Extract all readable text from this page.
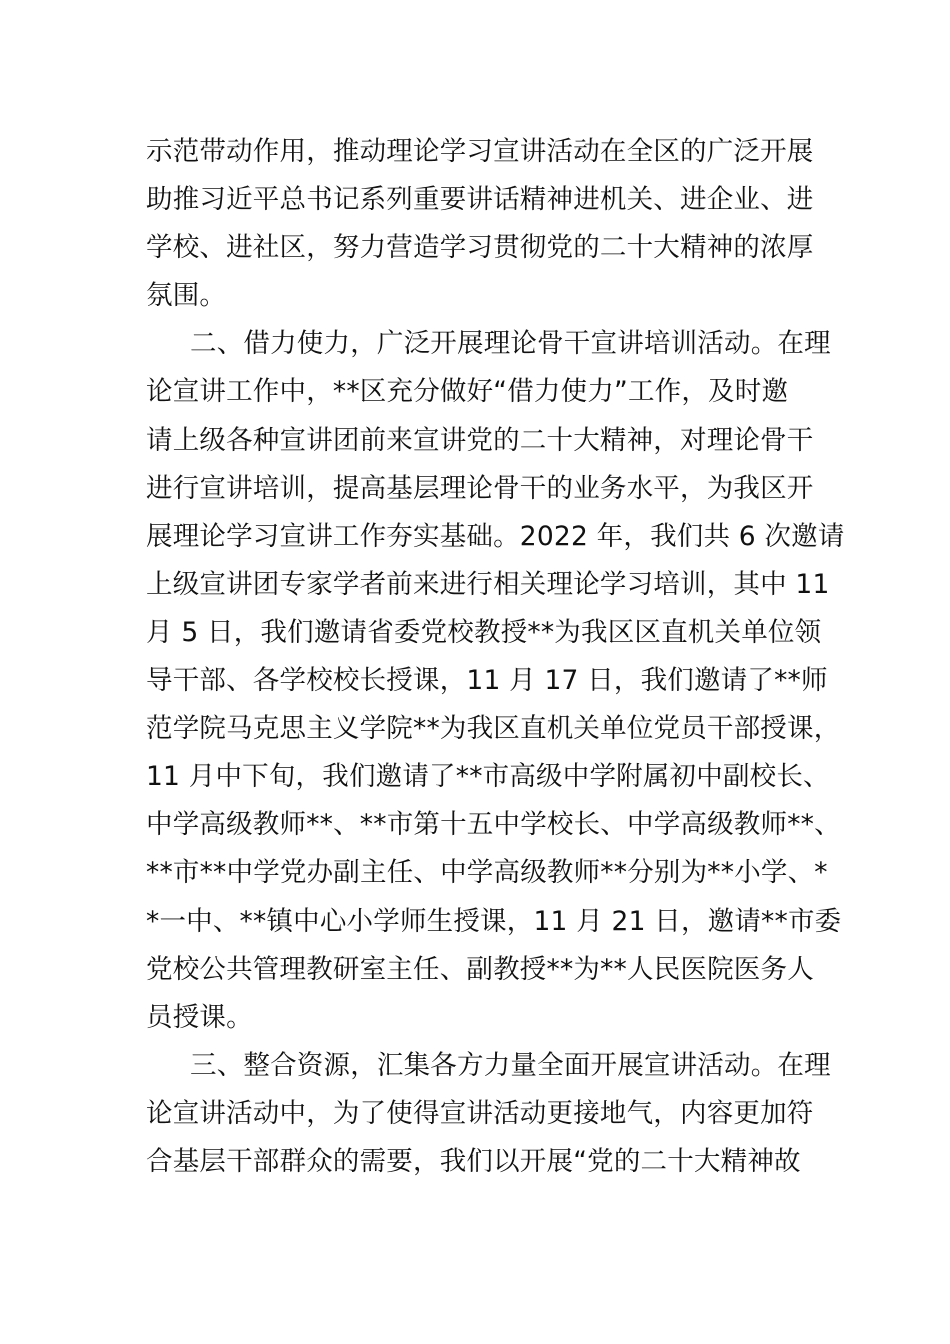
示范带动作用，推动理论学习宣讲活动在全区的广泛开展
助推习近平总书记系列重要讲话精神进机关、进企业、进
学校、进社区，努力营造学习贯彻党的二十大精神的浓厚
氛围。
二、借力使力，广泛开展理论骨干宣讲培训活动。在理
论宣讲工作中，**区充分做好“借力使力”工作，及时邀
请上级各种宣讲团前来宣讲党的二十大精神，对理论骨干
进行宣讲培训，提高基层理论骨干的业务水平，为我区开
展理论学习宣讲工作夯实基础。2022 年，我们共 6 次邀请
上级宣讲团专家学者前来进行相关理论学习培训，其中 11
月 5 日，我们邀请省委党校教授**为我区区直机关单位领
导干部、各学校校长授课，11 月 17 日，我们邀请了**师
范学院马克思主义学院**为我区直机关单位党员干部授课，
11 月中下旬，我们邀请了**市高级中学附属初中副校长、
中学高级教师**、**市第十五中学校长、中学高级教师**、
**市**中学党办副主任、中学高级教师**分别为**小学、*
*一中、**镇中心小学师生授课，11 月 21 日，邀请**市委
党校公共管理教研室主任、副教授**为**人民医院医务人
员授课。
三、整合资源，汇集各方力量全面开展宣讲活动。在理
论宣讲活动中，为了使得宣讲活动更接地气，内容更加符
合基层干部群众的需要，我们以开展“党的二十大精神故
